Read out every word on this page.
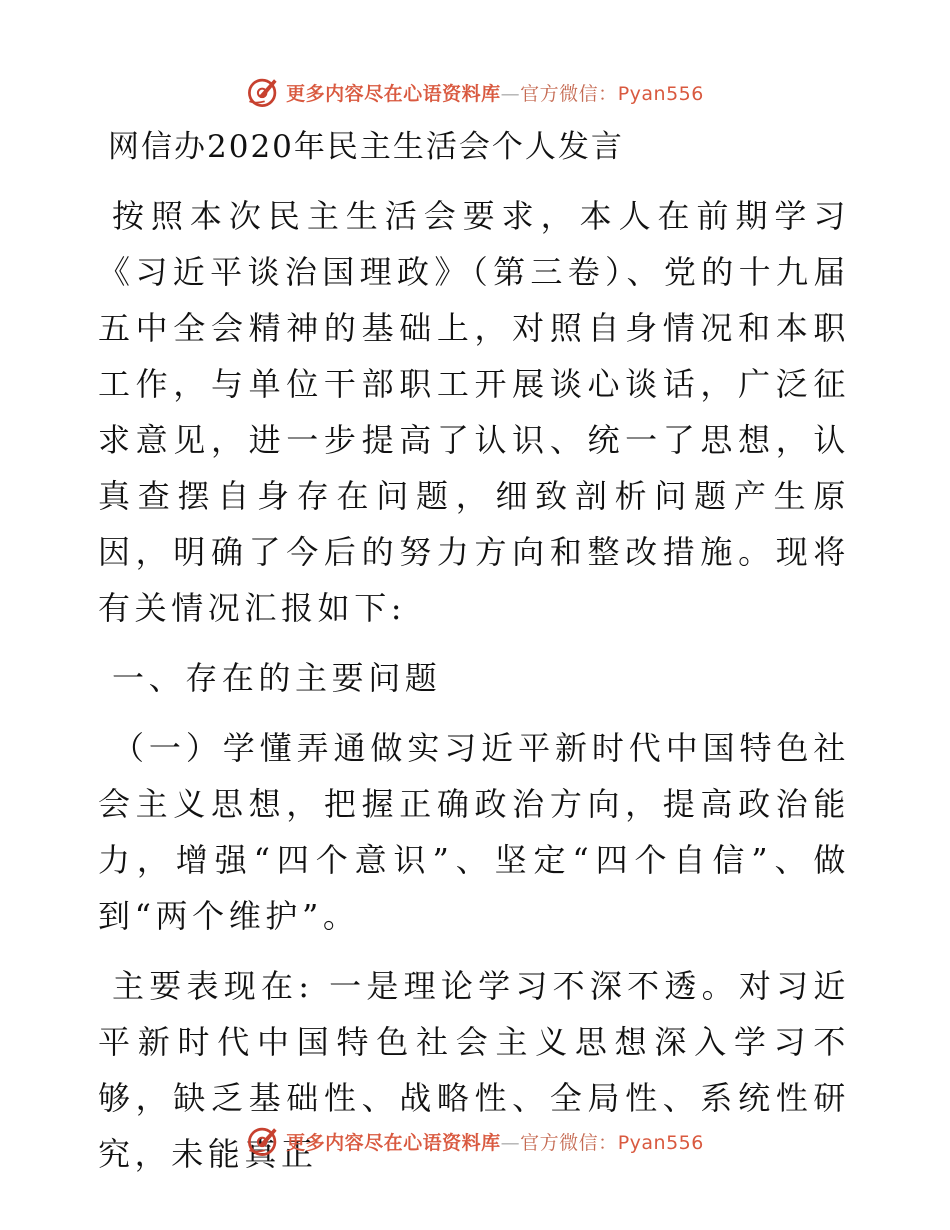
更多内容尽在心语资料库—官方微信：Pyan556
网信办2020年民主生活会个人发言

按照本次民主生活会要求，本人在前期学习《习近平谈治国理政》（第三卷）、党的十九届五中全会精神的基础上，对照自身情况和本职工作，与单位干部职工开展谈心谈话，广泛征求意见，进一步提高了认识、统一了思想，认真查摆自身存在问题，细致剖析问题产生原因，明确了今后的努力方向和整改措施。现将有关情况汇报如下:

一、存在的主要问题

（一）学懂弄通做实习近平新时代中国特色社会主义思想，把握正确政治方向，提高政治能力，增强“四个意识”、坚定“四个自信”、做到“两个维护”。

主要表现在: 一是理论学习不深不透。对习近平新时代中国特色社会主义思想深入学习不够，缺乏基础性、战略性、全局性、系统性研究，未能真正

更多内容尽在心语资料库—官方微信：Pyan556
